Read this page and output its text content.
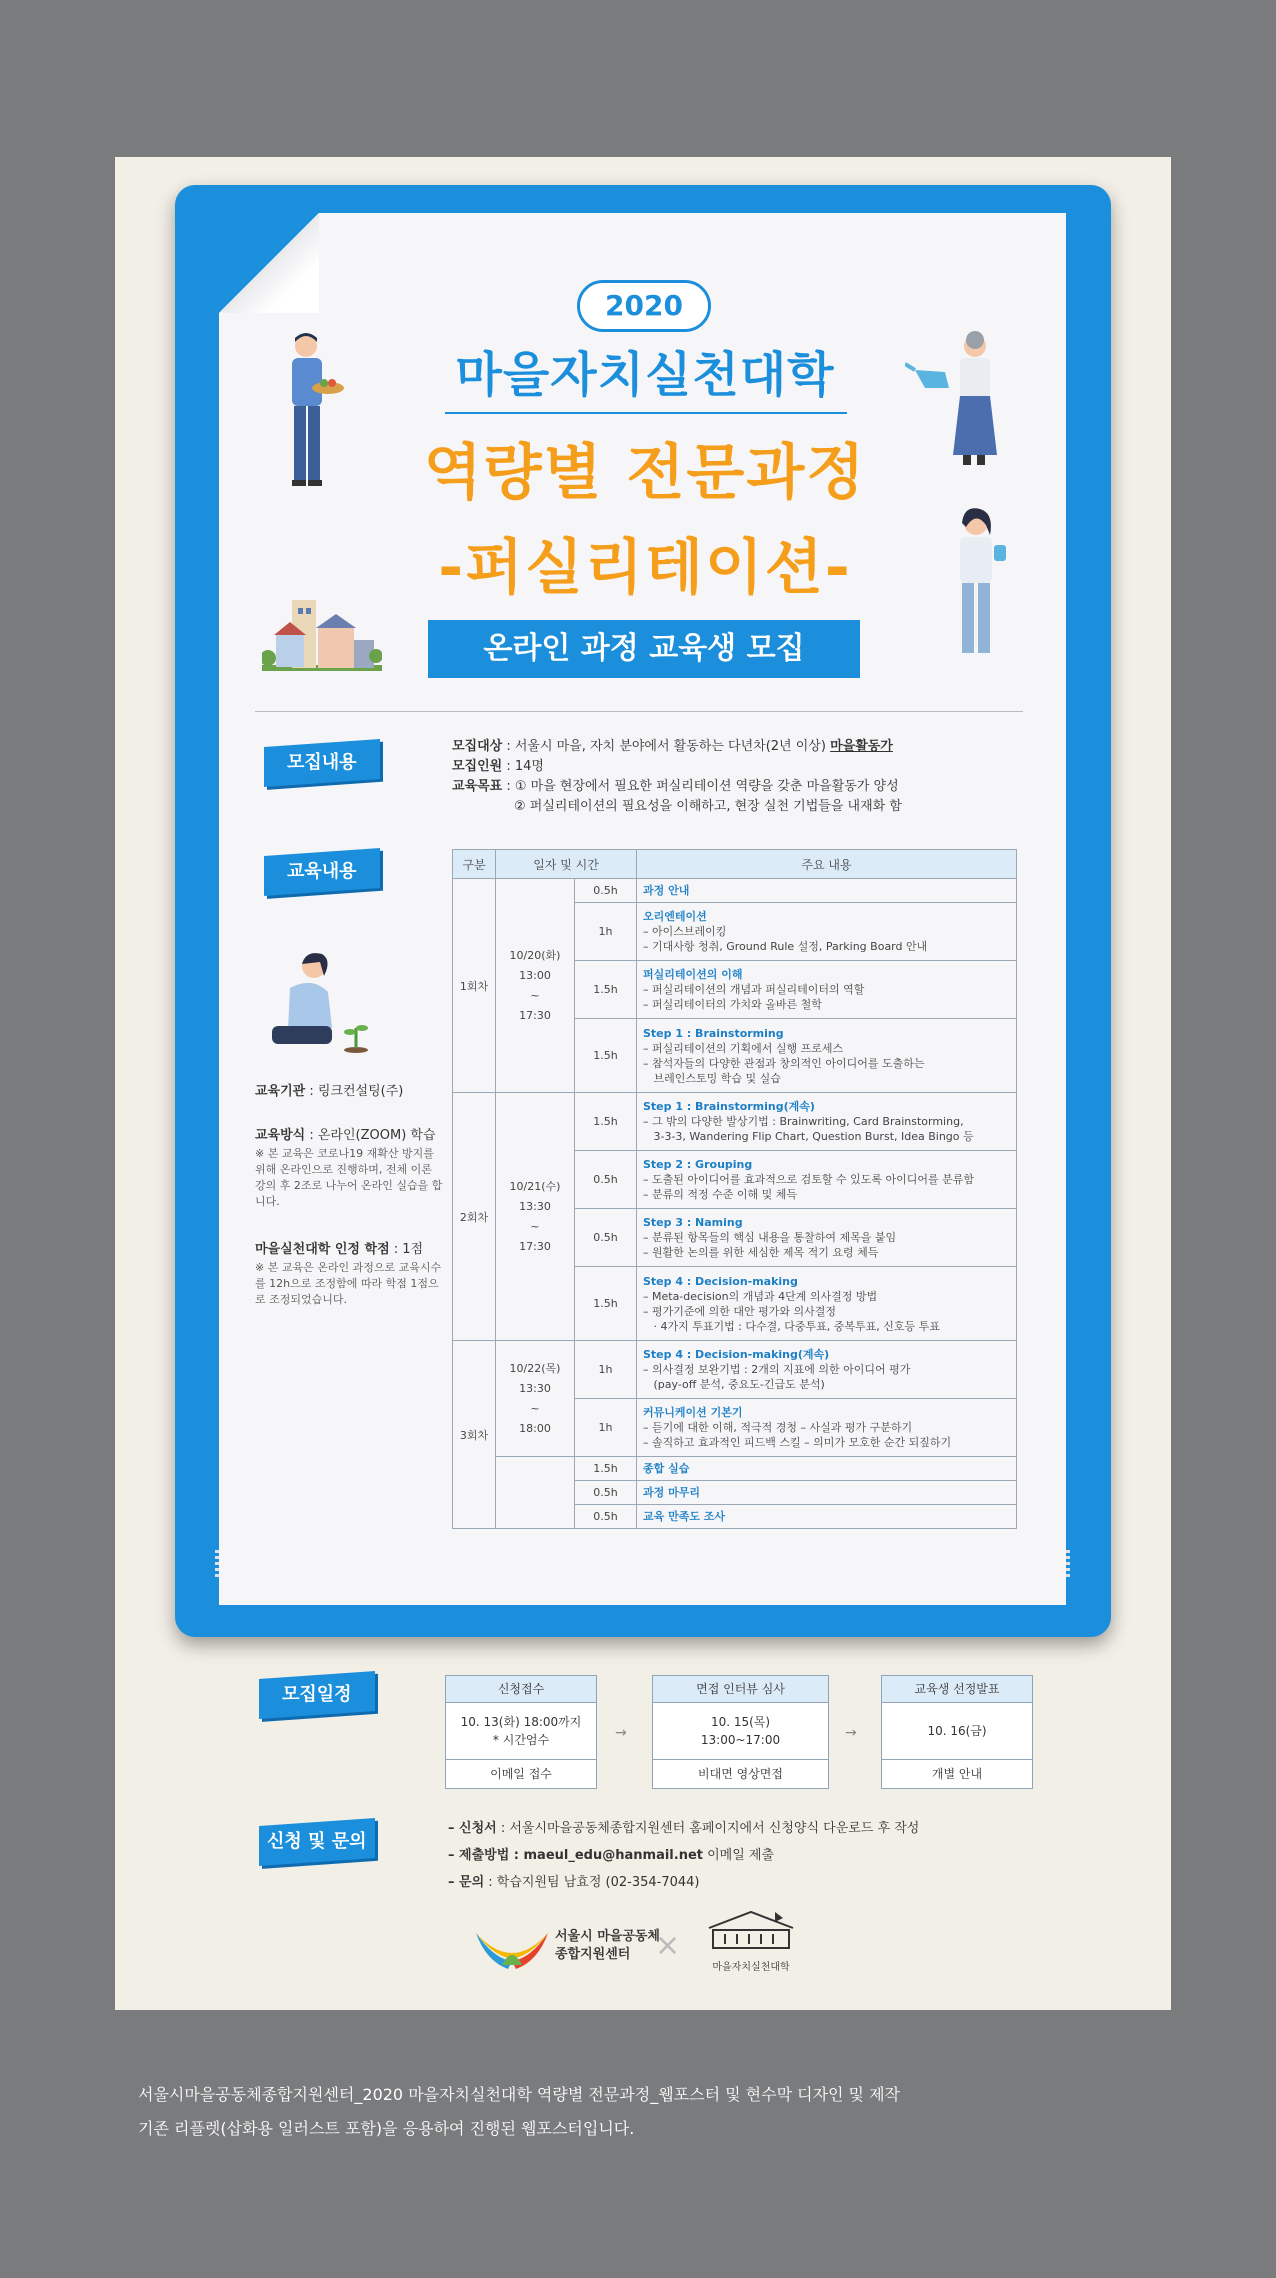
2020
마을자치실천대학
역량별 전문과정
-퍼실리테이션-
온라인 과정 교육생 모집
모집내용
교육내용
모집대상 : 서울시 마을, 자치 분야에서 활동하는 다년차(2년 이상) 마을활동가
모집인원 : 14명
교육목표 : ① 마을 현장에서 필요한 퍼실리테이션 역량을 갖춘 마을활동가 양성
② 퍼실리테이션의 필요성을 이해하고, 현장 실천 기법들을 내재화 함
교육기관 : 링크컨설팅(주)
교육방식 : 온라인(ZOOM) 학습
※ 본 교육은 코로나19 재확산 방지를 위해 온라인으로 진행하며, 전체 이론 강의 후 2조로 나누어 온라인 실습을 합니다.
마을실천대학 인정 학점 : 1점
※ 본 교육은 온라인 과정으로 교육시수를 12h으로 조정함에 따라 학점 1점으로 조정되었습니다.
구분	일자 및 시간		주요 내용
1회차	10/20(화)
13:00
~
17:30	0.5h	과정 안내

		1h	오리엔테이션
– 아이스브레이킹
– 기대사항 청취, Ground Rule 설정, Parking Board 안내

		1.5h	퍼실리테이션의 이해
– 퍼실리테이션의 개념과 퍼실리테이터의 역할
– 퍼실리테이터의 가치와 올바른 철학

		1.5h	Step 1 : Brainstorming
– 퍼실리테이션의 기획에서 실행 프로세스
– 참석자들의 다양한 관점과 창의적인 아이디어를 도출하는
브레인스토밍 학습 및 실습

2회차	10/21(수)
13:30
~
17:30	1.5h	Step 1 : Brainstorming(계속)
– 그 밖의 다양한 발상기법 : Brainwriting, Card Brainstorming,
3-3-3, Wandering Flip Chart, Question Burst, Idea Bingo 등

		0.5h	Step 2 : Grouping
– 도출된 아이디어를 효과적으로 검토할 수 있도록 아이디어를 분류함
– 분류의 적정 수준 이해 및 체득

		0.5h	Step 3 : Naming
– 분류된 항목들의 핵심 내용을 통찰하여 제목을 붙임
– 원활한 논의를 위한 세심한 제목 적기 요령 체득

		1.5h	Step 4 : Decision-making
– Meta-decision의 개념과 4단계 의사결정 방법
– 평가기준에 의한 대안 평가와 의사결정
· 4가지 투표기법 : 다수결, 다중투표, 중복투표, 신호등 투표

3회차	10/22(목)
13:30
~
18:00	1h	Step 4 : Decision-making(계속)
– 의사결정 보완기법 : 2개의 지표에 의한 아이디어 평가
(pay-off 분석, 중요도-긴급도 분석)

		1h	커뮤니케이션 기본기
– 듣기에 대한 이해, 적극적 경청 – 사실과 평가 구분하기
– 솔직하고 효과적인 피드백 스킬 – 의미가 모호한 순간 되짚하기

		1.5h	종합 실습

		0.5h	과정 마무리

		0.5h	교육 만족도 조사
모집일정	신청접수
10. 13(화) 18:00까지
* 시간엄수
이메일 접수
→
면접 인터뷰 심사
10. 15(목)
13:00~17:00
비대면 영상면접
→
교육생 선정발표
10. 16(금)
개별 안내
신청 및 문의
– 신청서 : 서울시마을공동체종합지원센터 홈페이지에서 신청양식 다운로드 후 작성
– 제출방법 : maeul_edu@hanmail.net 이메일 제출
– 문의 : 학습지원팀 남효정 (02-354-7044)
서울시 마을공동체
종합지원센터 ×
마을자치실천대학
서울시마을공동체종합지원센터_2020 마을자치실천대학 역량별 전문과정_웹포스터 및 현수막 디자인 및 제작
기존 리플렛(삽화용 일러스트 포함)을 응용하여 진행된 웹포스터입니다.
